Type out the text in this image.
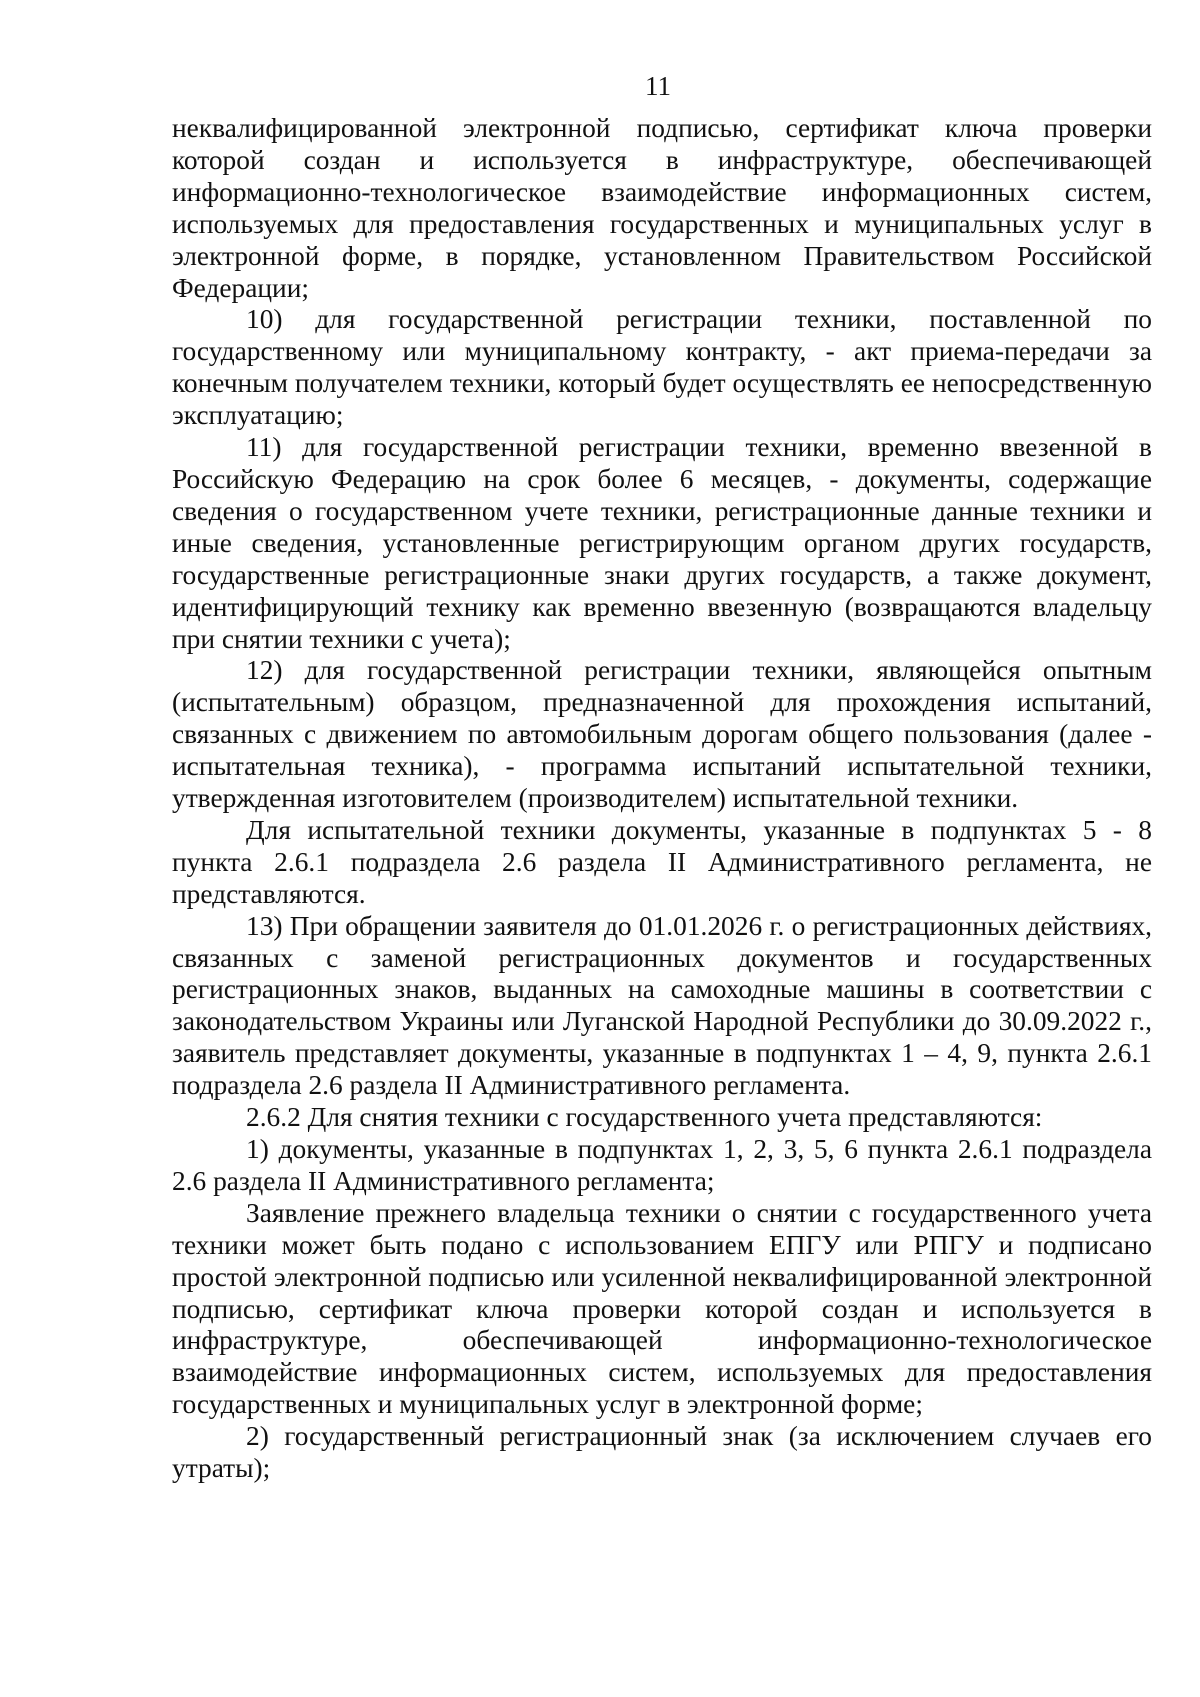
11

неквалифицированной электронной подписью, сертификат ключа проверки которой создан и используется в инфраструктуре, обеспечивающей информационно-технологическое взаимодействие информационных систем, используемых для предоставления государственных и муниципальных услуг в электронной форме, в порядке, установленном Правительством Российской Федерации;

10) для государственной регистрации техники, поставленной по государственному или муниципальному контракту, - акт приема-передачи за конечным получателем техники, который будет осуществлять ее непосредственную эксплуатацию;

11) для государственной регистрации техники, временно ввезенной в Российскую Федерацию на срок более 6 месяцев, - документы, содержащие сведения о государственном учете техники, регистрационные данные техники и иные сведения, установленные регистрирующим органом других государств, государственные регистрационные знаки других государств, а также документ, идентифицирующий технику как временно ввезенную (возвращаются владельцу при снятии техники с учета);

12) для государственной регистрации техники, являющейся опытным (испытательным) образцом, предназначенной для прохождения испытаний, связанных с движением по автомобильным дорогам общего пользования (далее - испытательная техника), - программа испытаний испытательной техники, утвержденная изготовителем (производителем) испытательной техники.

Для испытательной техники документы, указанные в подпунктах 5 - 8 пункта 2.6.1 подраздела 2.6 раздела II Административного регламента, не представляются.

13) При обращении заявителя до 01.01.2026 г. о регистрационных действиях, связанных с заменой регистрационных документов и государственных регистрационных знаков, выданных на самоходные машины в соответствии с законодательством Украины или Луганской Народной Республики до 30.09.2022 г., заявитель представляет документы, указанные в подпунктах 1 – 4, 9, пункта 2.6.1 подраздела 2.6 раздела II Административного регламента.

2.6.2 Для снятия техники с государственного учета представляются:

1) документы, указанные в подпунктах 1, 2, 3, 5, 6 пункта 2.6.1 подраздела 2.6 раздела II Административного регламента;

Заявление прежнего владельца техники о снятии с государственного учета техники может быть подано с использованием ЕПГУ или РПГУ и подписано простой электронной подписью или усиленной неквалифицированной электронной подписью, сертификат ключа проверки которой создан и используется в инфраструктуре, обеспечивающей информационно-технологическое взаимодействие информационных систем, используемых для предоставления государственных и муниципальных услуг в электронной форме;

2) государственный регистрационный знак (за исключением случаев его утраты);
